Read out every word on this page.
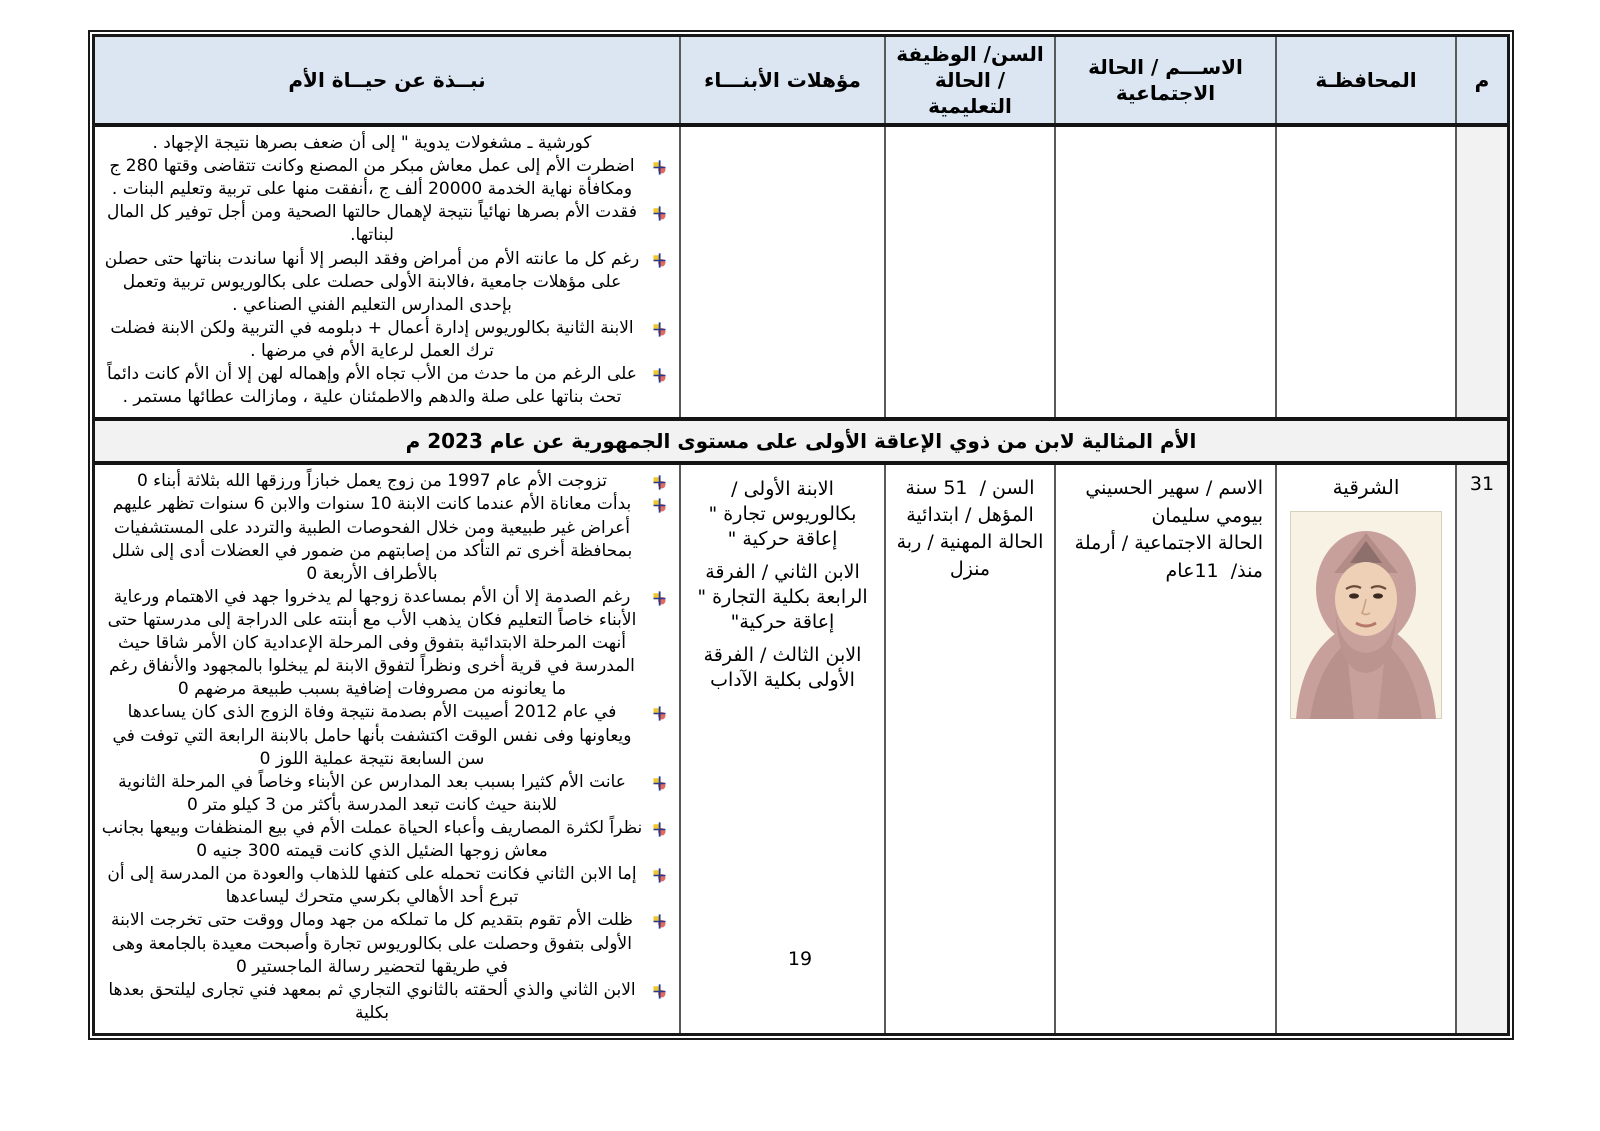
م
المحافظـة
الاســـم / الحالة الاجتماعية
السن/ الوظيفة / الحالة التعليمية
مؤهلات الأبنـــاء
نبــذة عن حيــاة الأم
كورشية ـ مشغولات يدوية " إلى أن ضعف بصرها نتيجة الإجهاد .
اضطرت الأم إلى عمل معاش مبكر من المصنع وكانت تتقاضى وقتها 280 ج ومكافأة نهاية الخدمة 20000 ألف ج ،أنفقت منها على تربية وتعليم البنات .
فقدت الأم بصرها نهائياً نتيجة لإهمال حالتها الصحية ومن أجل توفير كل المال لبناتها.
رغم كل ما عانته الأم من أمراض وفقد البصر إلا أنها ساندت بناتها حتى حصلن على مؤهلات جامعية ،فالابنة الأولى حصلت على بكالوريوس تربية وتعمل بإحدى المدارس التعليم الفني الصناعي .
الابنة الثانية بكالوريوس إدارة أعمال + دبلومه في التربية ولكن الابنة فضلت ترك العمل لرعاية الأم في مرضها .
على الرغم من ما حدث من الأب تجاه الأم وإهماله لهن إلا أن الأم كانت دائماً تحث بناتها على صلة والدهم والاطمئنان علية ، ومازالت عطائها مستمر .
الأم المثالية لابن من ذوي الإعاقة الأولى على مستوى الجمهورية عن عام 2023 م
31
الشرقية
الاسم / سهير الحسيني بيومي سليمان
الحالة الاجتماعية / أرملة
منذ/  11عام
السن /  51 سنة
المؤهل / ابتدائية
الحالة المهنية / ربة منزل
الابنة الأولى / بكالوريوس تجارة " إعاقة حركية "
الابن الثاني / الفرقة الرابعة بكلية التجارة " إعاقة حركية"
الابن الثالث / الفرقة الأولى بكلية الآداب
تزوجت الأم عام 1997 من زوج يعمل خبازاً ورزقها الله بثلاثة أبناء 0
بدأت معاناة الأم عندما كانت الابنة 10 سنوات والابن 6 سنوات تظهر عليهم أعراض غير طبيعية ومن خلال الفحوصات الطبية والتردد على المستشفيات بمحافظة أخرى تم التأكد من إصابتهم من ضمور في العضلات أدى إلى شلل بالأطراف الأربعة 0
رغم الصدمة إلا أن الأم بمساعدة زوجها لم يدخروا جهد في الاهتمام ورعاية الأبناء خاصاً التعليم فكان يذهب الأب مع أبنته على الدراجة إلى مدرستها حتى أنهت المرحلة الابتدائية بتفوق وفى المرحلة الإعدادية كان الأمر شاقا حيث المدرسة في قرية أخرى ونظراً لتفوق الابنة لم يبخلوا بالمجهود والأنفاق رغم ما يعانونه من مصروفات إضافية بسبب طبيعة مرضهم 0
في عام 2012 أصيبت الأم بصدمة نتيجة وفاة الزوج الذى كان يساعدها ويعاونها وفى نفس الوقت اكتشفت بأنها حامل بالابنة الرابعة التي توفت في سن السابعة نتيجة عملية اللوز 0
عانت الأم كثيرا بسبب بعد المدارس عن الأبناء وخاصاً في المرحلة الثانوية للابنة حيث كانت تبعد المدرسة بأكثر من 3 كيلو متر 0
نظراً لكثرة المصاريف وأعباء الحياة عملت الأم في بيع المنظفات وبيعها بجانب معاش زوجها الضئيل الذي كانت قيمته 300 جنيه 0
إما الابن الثاني فكانت تحمله على كتفها للذهاب والعودة من المدرسة إلى أن تبرع أحد الأهالي بكرسي متحرك ليساعدها
ظلت الأم تقوم بتقديم كل ما تملكه من جهد ومال ووقت حتى تخرجت الابنة الأولى بتفوق وحصلت على بكالوريوس تجارة وأصبحت معيدة بالجامعة وهى في طريقها لتحضير رسالة الماجستير 0
الابن الثاني والذي ألحقته بالثانوي التجاري ثم بمعهد فني تجارى ليلتحق بعدها بكلية
19
